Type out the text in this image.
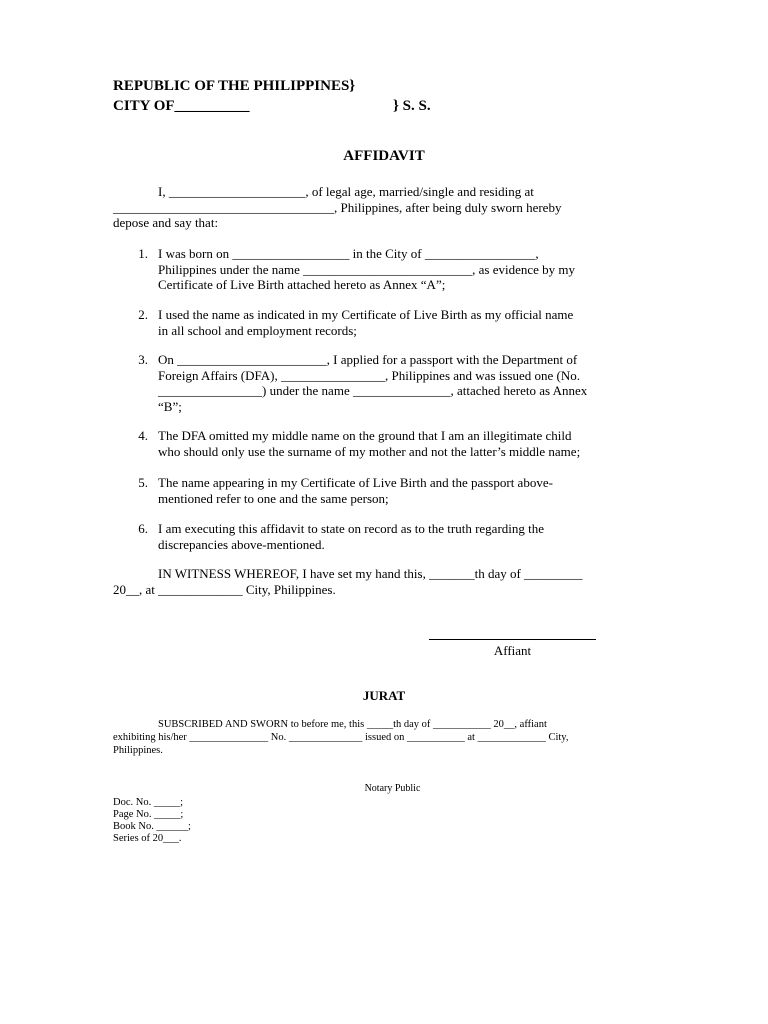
REPUBLIC OF THE PHILIPPINES}
CITY OF__________	} S. S.
AFFIDAVIT
I, _____________________, of legal age, married/single and residing at
__________________________________, Philippines, after being duly sworn hereby
depose and say that:
1. I was born on __________________ in the City of _________________,
Philippines under the name __________________________, as evidence by my
Certificate of Live Birth attached hereto as Annex “A”;
2. I used the name as indicated in my Certificate of Live Birth as my official name
in all school and employment records;
3. On _______________________, I applied for a passport with the Department of
Foreign Affairs (DFA), ________________, Philippines and was issued one (No.
________________) under the name _______________, attached hereto as Annex
“B”;
4. The DFA omitted my middle name on the ground that I am an illegitimate child
who should only use the surname of my mother and not the latter’s middle name;
5. The name appearing in my Certificate of Live Birth and the passport above-
mentioned refer to one and the same person;
6. I am executing this affidavit to state on record as to the truth regarding the
discrepancies above-mentioned.
IN WITNESS WHEREOF, I have set my hand this, _______th day of _________
20__, at _____________ City, Philippines.
Affiant
JURAT
SUBSCRIBED AND SWORN to before me, this _____th day of ___________ 20__, affiant
exhibiting his/her _______________ No. ______________ issued on ___________ at _____________ City,
Philippines.
Notary Public
Doc. No. _____;
Page No. _____;
Book No. ______;
Series of 20___.
